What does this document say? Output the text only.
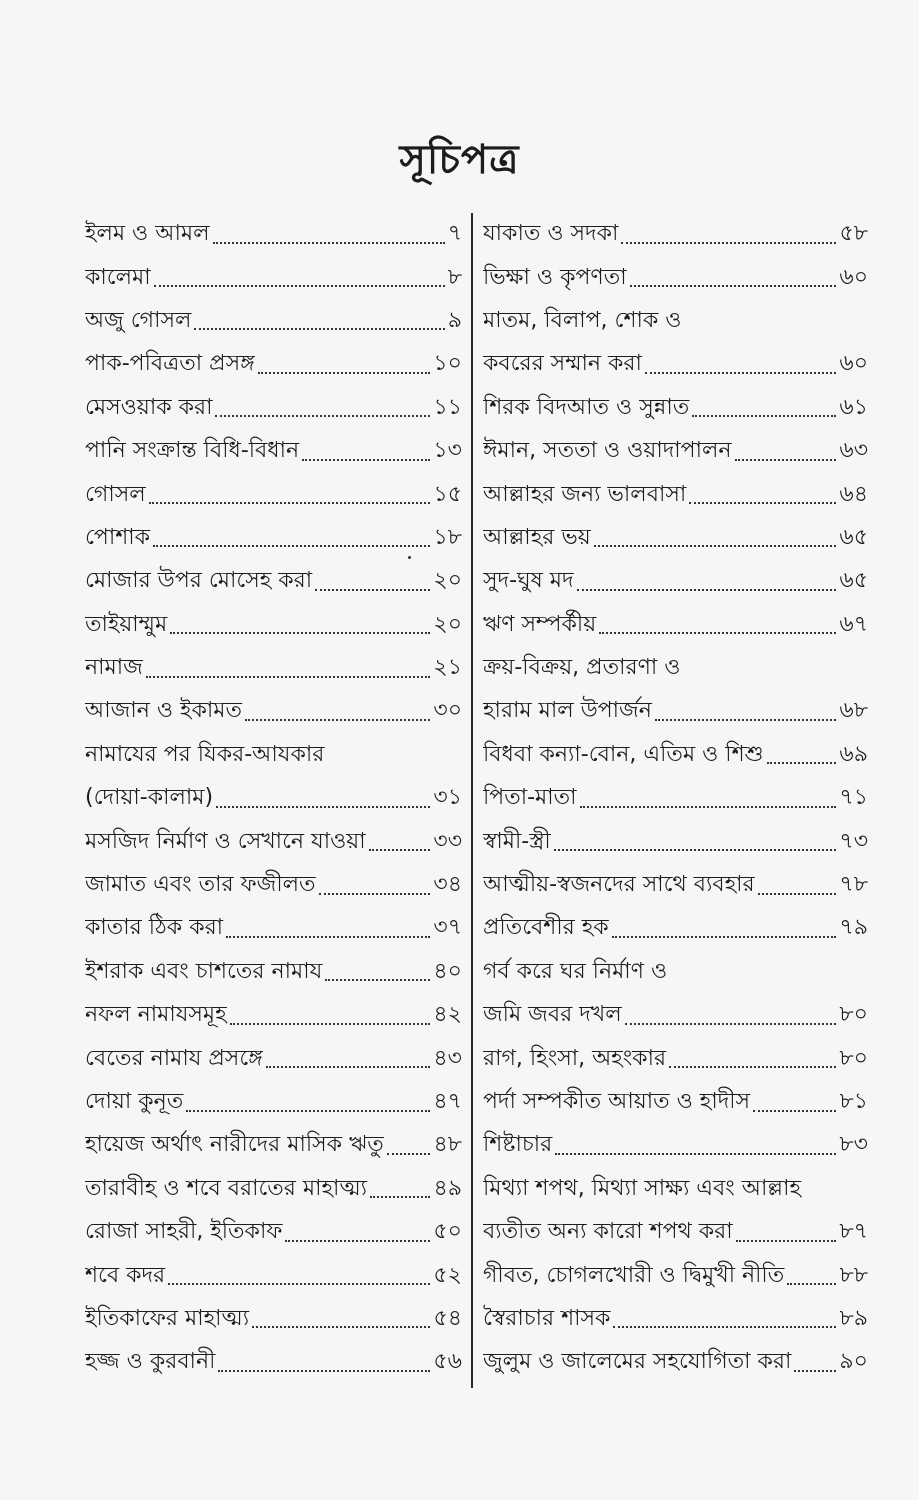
সূচিপত্র
ইলম ও আমল	৭
কালেমা	৮
অজু গোসল	৯
পাক-পবিত্রতা প্রসঙ্গ	১০
মেসওয়াক করা	১১
পানি সংক্রান্ত বিধি-বিধান	১৩
গোসল	১৫
পোশাক	১৮
মোজার উপর মোসেহ করা	২০
তাইয়াম্মুম	২০
নামাজ	২১
আজান ও ইকামত	৩০
নামাযের পর যিকর-আযকার
(দোয়া-কালাম)	৩১
মসজিদ নির্মাণ ও সেখানে যাওয়া	৩৩
জামাত এবং তার ফজীলত	৩৪
কাতার ঠিক করা	৩৭
ইশরাক এবং চাশতের নামায	৪০
নফল নামাযসমূহ	৪২
বেতের নামায প্রসঙ্গে	৪৩
দোয়া কুনূত	৪৭
হায়েজ অর্থাৎ নারীদের মাসিক ঋতু ৪৮
তারাবীহ ও শবে বরাতের মাহাত্ম্য	৪৯
রোজা সাহরী, ইতিকাফ	৫০
শবে কদর	৫২
ইতিকাফের মাহাত্ম্য	৫৪
হজ্জ ও কুরবানী	৫৬
যাকাত ও সদকা	৫৮
ভিক্ষা ও কৃপণতা	৬০
মাতম, বিলাপ, শোক ও
কবরের সম্মান করা	৬০
শিরক বিদআত ও সুন্নাত	৬১
ঈমান, সততা ও ওয়াদাপালন	৬৩
আল্লাহর জন্য ভালবাসা	৬৪
আল্লাহর ভয়	৬৫
সুদ-ঘুষ মদ	৬৫
ঋণ সম্পর্কীয়	৬৭
ক্রয়-বিক্রয়, প্রতারণা ও
হারাম মাল উপার্জন	৬৮
বিধবা কন্যা-বোন, এতিম ও শিশু	৬৯
পিতা-মাতা	৭১
স্বামী-স্ত্রী	৭৩
আত্মীয়-স্বজনদের সাথে ব্যবহার	৭৮
প্রতিবেশীর হক	৭৯
গর্ব করে ঘর নির্মাণ ও
জমি জবর দখল	৮০
রাগ, হিংসা, অহংকার	৮০
পর্দা সম্পকীত আয়াত ও হাদীস	৮১
শিষ্টাচার	৮৩
মিথ্যা শপথ, মিথ্যা সাক্ষ্য এবং আল্লাহ
ব্যতীত অন্য কারো শপথ করা	৮৭
গীবত, চোগলখোরী ও দ্বিমুখী নীতি	৮৮
স্বৈরাচার শাসক	৮৯
জুলুম ও জালেমের সহযোগিতা করা ৯০
